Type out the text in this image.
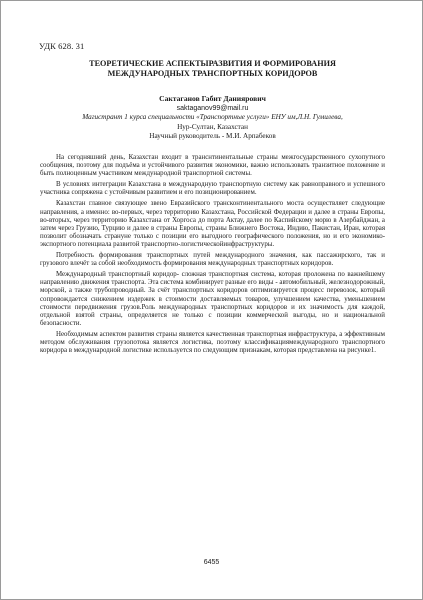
УДК 628. 31
ТЕОРЕТИЧЕСКИЕ АСПЕКТЫРАЗВИТИЯ И ФОРМИРОВАНИЯ
МЕЖДУНАРОДНЫХ ТРАНСПОРТНЫХ КОРИДОРОВ
Сактаганов Габит Даниярович
saktaganov99@mail.ru
Магистрант 1 курса специальности «Транспортные услуги» ЕНУ им,Л.Н. Гумилева,
Нур-Султан, Казахстан
Научный руководитель - М.И. Арпабеков

На сегодняшний день, Казахстан входит в транснтинентальные страны межгосударственного сухопутного сообщения, поэтому для подъёма и устойчивого развития экономики, важно использовать транзитное положение и быть полноценным участником международной транспортной системы.

В условиях интеграции Казахстана в международную транспортную систему как равноправного и успешного участника сопряжена с устойчивым развитием и его позиционированием.

Казахстан главное связующее звено Евразийского трансконтинентального моста осуществляет следующие направления, а именно: во-первых, через территорию Казахстана, Российской Федерации и далее в страны Европы, во-вторых, через территорию Казахстана от Хоргоса до порта Актау, далее по Каспийскому морю в Азербайджан, а затем через Грузию, Турцию и далее в страны Европы, страны Ближнего Востока, Индию, Пакистан, Иран, которая позволит обозначать странуне только с позиции его выгодного географического положения, но и его экономико-экспортного потенциала развитой транспортно-логистическойинфраструктуры.

Потребность формирования транспортных путей международного значения, как пассажирского, так и грузового влечёт за собой необходимость формирования международных транспортных коридоров.

Международный транспортный коридор- сложная транспортная система, которая проложена по важнейшему направлению движения транспорта. Эта система комбинирует разные его виды - автомобильный, железнодорожный, морской, а также трубопроводный. За счёт транспортных коридоров оптимизируется процесс перевозок, который сопровождается снижением издержек в стоимости доставляемых товаров, улучшением качества, уменьшением стоимости передвижения грузов.Роль международных транспортных коридоров и их значимость для каждой, отдельной взятой страны, определяется не только с позиции коммерческой выгоды, но и национальной безопасности.

Необходимым аспектом развития страны является качественная транспортная инфраструктура, а эффективным методом обслуживания грузопотока является логистика, поэтому классификациямеждународного транспортного коридора в международной логистике используется по следующим признакам, которая представлена на рисунке1.

6455
